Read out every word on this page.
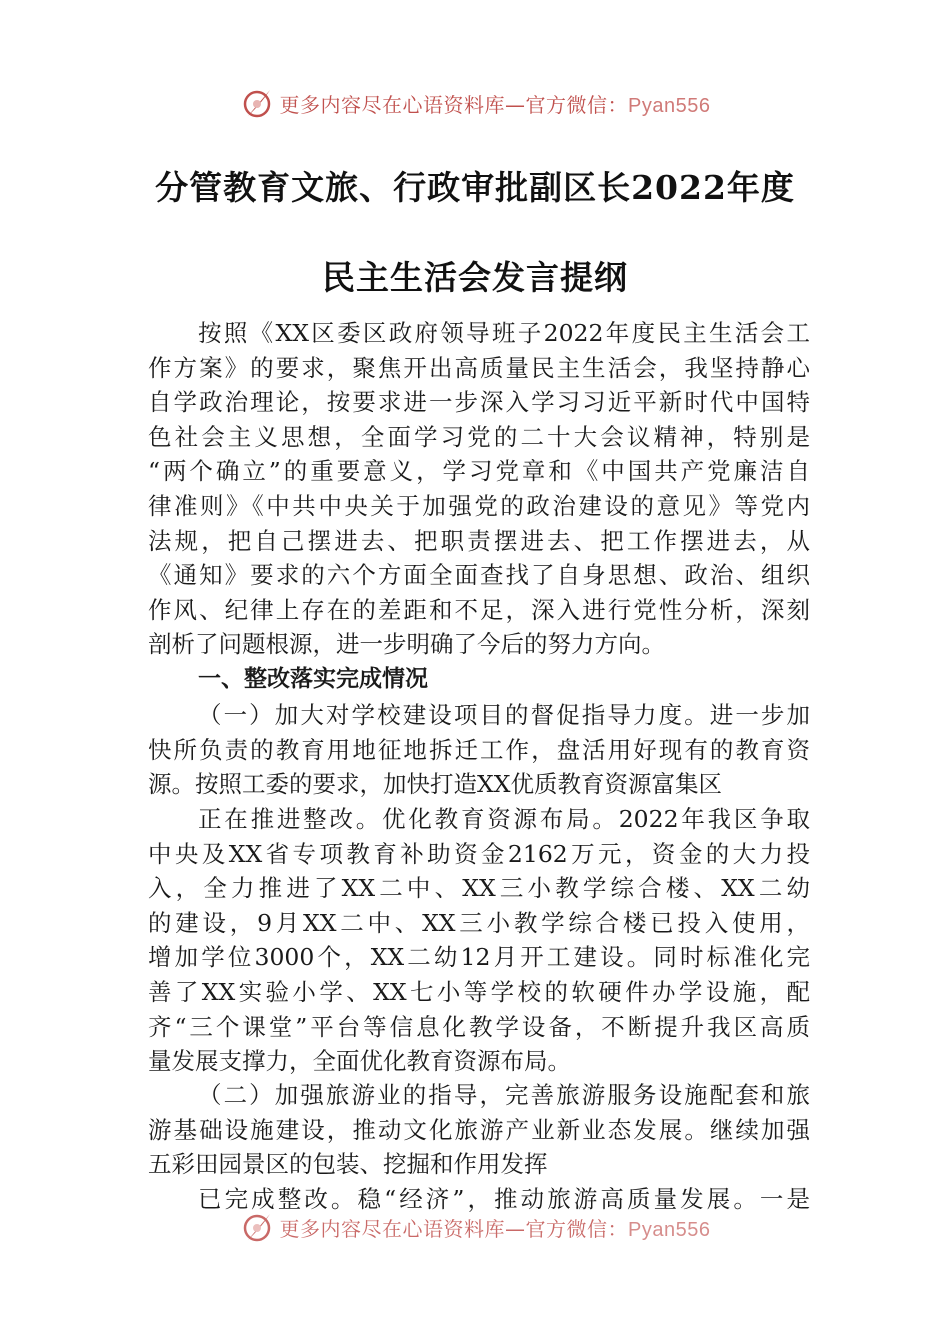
更多内容尽在心语资料库—官方微信：Pyan556
分管教育文旅、行政审批副区长2022年度
民主生活会发言提纲
按照《XX区委区政府领导班子2022年度民主生活会工
作方案》的要求，聚焦开出高质量民主生活会，我坚持静心
自学政治理论，按要求进一步深入学习习近平新时代中国特
色社会主义思想，全面学习党的二十大会议精神，特别是
“两个确立”的重要意义，学习党章和《中国共产党廉洁自
律准则》《中共中央关于加强党的政治建设的意见》等党内
法规，把自己摆进去、把职责摆进去、把工作摆进去，从
《通知》要求的六个方面全面查找了自身思想、政治、组织
作风、纪律上存在的差距和不足，深入进行党性分析，深刻
剖析了问题根源，进一步明确了今后的努力方向。
一、整改落实完成情况
（一）加大对学校建设项目的督促指导力度。进一步加
快所负责的教育用地征地拆迁工作，盘活用好现有的教育资
源。按照工委的要求，加快打造XX优质教育资源富集区
正在推进整改。优化教育资源布局。2022年我区争取
中央及XX省专项教育补助资金2162万元，资金的大力投
入，全力推进了XX二中、XX三小教学综合楼、XX二幼
的建设，9月XX二中、XX三小教学综合楼已投入使用，
增加学位3000个，XX二幼12月开工建设。同时标准化完
善了XX实验小学、XX七小等学校的软硬件办学设施，配
齐“三个课堂”平台等信息化教学设备，不断提升我区高质
量发展支撑力，全面优化教育资源布局。
（二）加强旅游业的指导，完善旅游服务设施配套和旅
游基础设施建设，推动文化旅游产业新业态发展。继续加强
五彩田园景区的包装、挖掘和作用发挥
已完成整改。稳“经济”，推动旅游高质量发展。一是
更多内容尽在心语资料库—官方微信：Pyan556
